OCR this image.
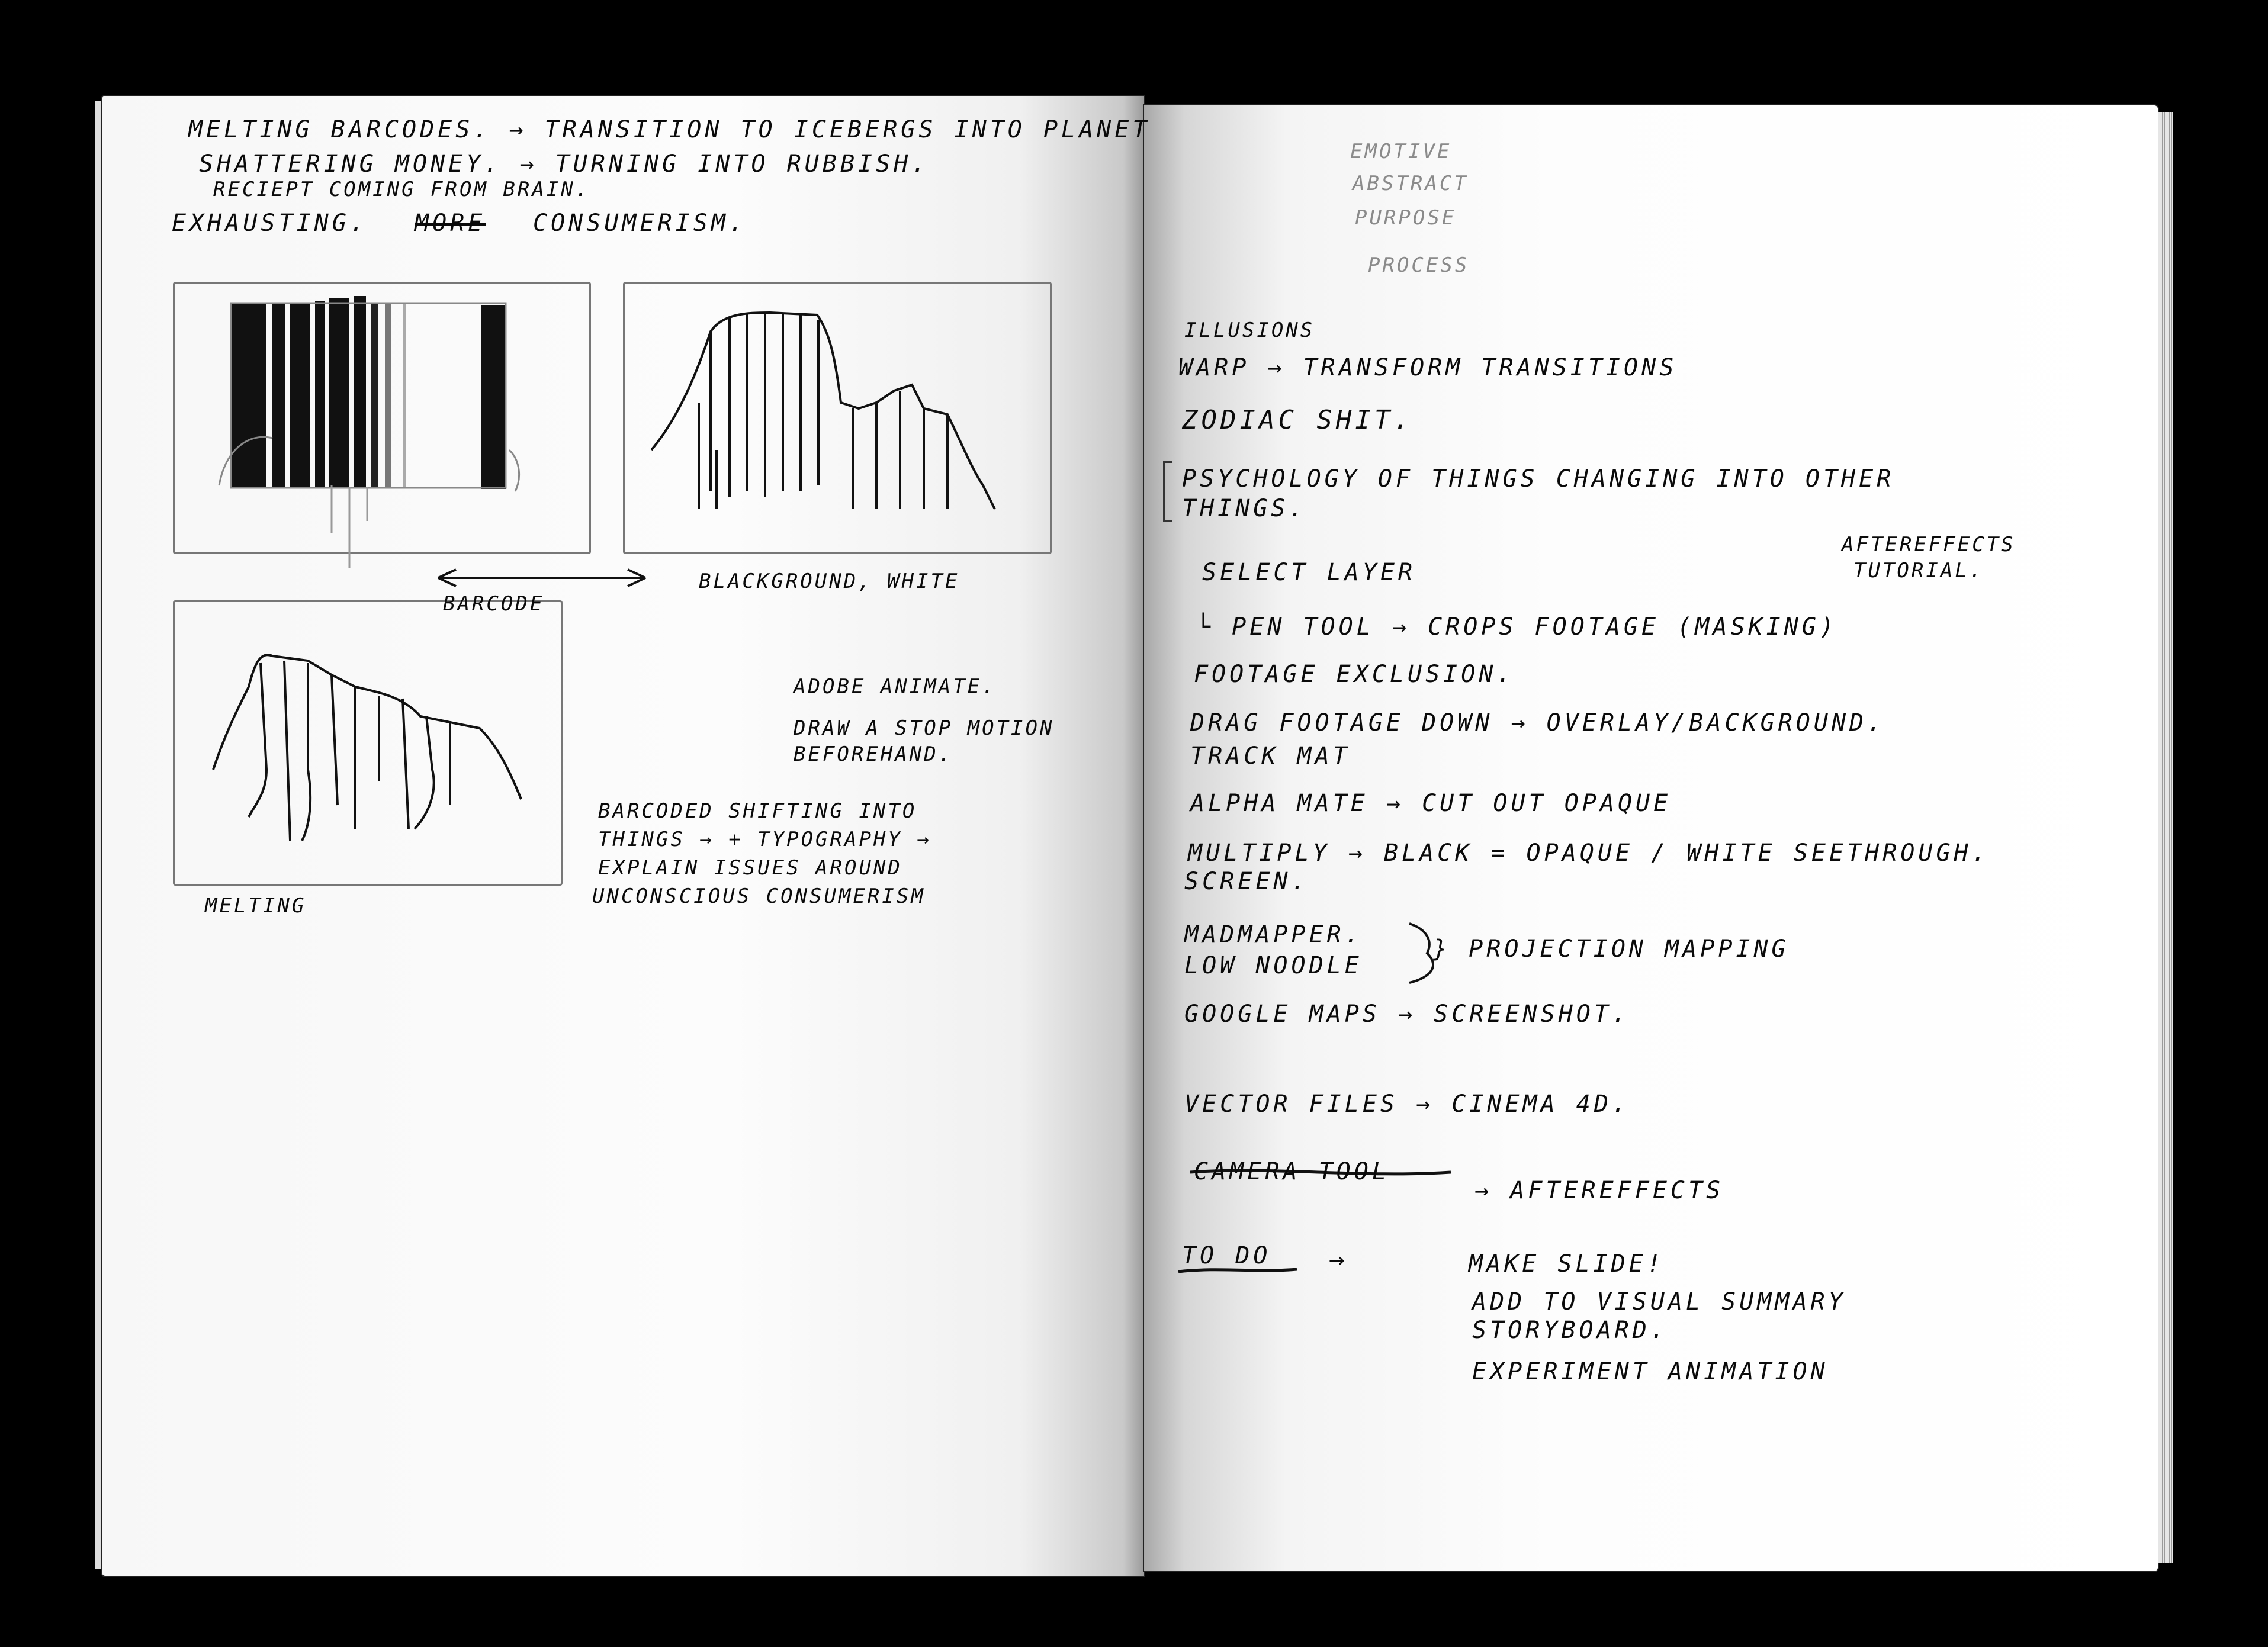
MELTING BARCODES. → TRANSITION TO ICEBERGS INTO PLANET
SHATTERING MONEY. → TURNING INTO RUBBISH.
RECIEPT COMING FROM BRAIN.
EXHAUSTING. MORE CONSUMERISM.
BARCODE
BLACKGROUND, WHITE
MELTING
ADOBE ANIMATE.
DRAW A STOP MOTION
BEFOREHAND.
BARCODED SHIFTING INTO
THINGS → + TYPOGRAPHY →
EXPLAIN ISSUES AROUND
UNCONSCIOUS CONSUMERISM
EMOTIVE
ABSTRACT
PURPOSE
PROCESS
ILLUSIONS
WARP → TRANSFORM TRANSITIONS
ZODIAC SHIT.
PSYCHOLOGY OF THINGS CHANGING INTO OTHER
THINGS.
AFTEREFFECTS
TUTORIAL.
SELECT LAYER
└ PEN TOOL → CROPS FOOTAGE (MASKING)
FOOTAGE EXCLUSION.
DRAG FOOTAGE DOWN → OVERLAY/BACKGROUND.
TRACK MAT
ALPHA MATE → CUT OUT OPAQUE
MULTIPLY → BLACK = OPAQUE / WHITE SEETHROUGH.
SCREEN.
MADMAPPER.
LOW NOODLE
} PROJECTION MAPPING
GOOGLE MAPS → SCREENSHOT.
VECTOR FILES → CINEMA 4D.
CAMERA TOOL
→ AFTEREFFECTS
TO DO →	MAKE SLIDE!
ADD TO VISUAL SUMMARY
STORYBOARD.
EXPERIMENT ANIMATION
